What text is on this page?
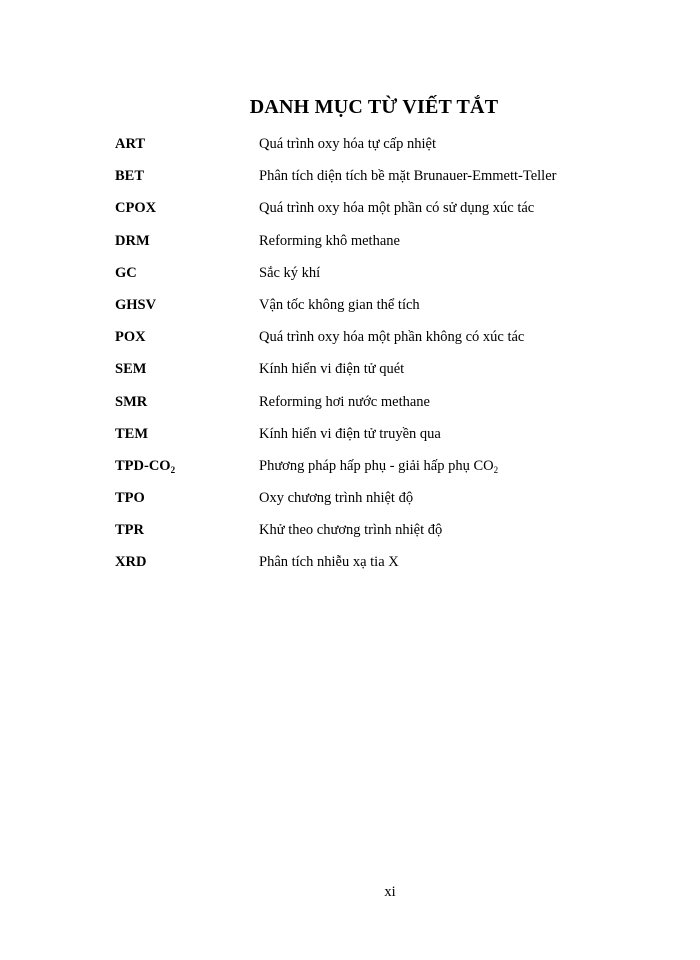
DANH MỤC TỪ VIẾT TẮT
ART	Quá trình oxy hóa tự cấp nhiệt
BET	Phân tích diện tích bề mặt Brunauer-Emmett-Teller
CPOX	Quá trình oxy hóa một phần có sử dụng xúc tác
DRM	Reforming khô methane
GC	Sắc ký khí
GHSV	Vận tốc không gian thể tích
POX	Quá trình oxy hóa một phần không có xúc tác
SEM	Kính hiển vi điện tử quét
SMR	Reforming hơi nước methane
TEM	Kính hiển vi điện tử truyền qua
TPD-$CO_2$	Phương pháp hấp phụ - giải hấp phụ $CO_2$
TPO	Oxy chương trình nhiệt độ
TPR	Khử theo chương trình nhiệt độ
XRD	Phân tích nhiễu xạ tia X
xi
